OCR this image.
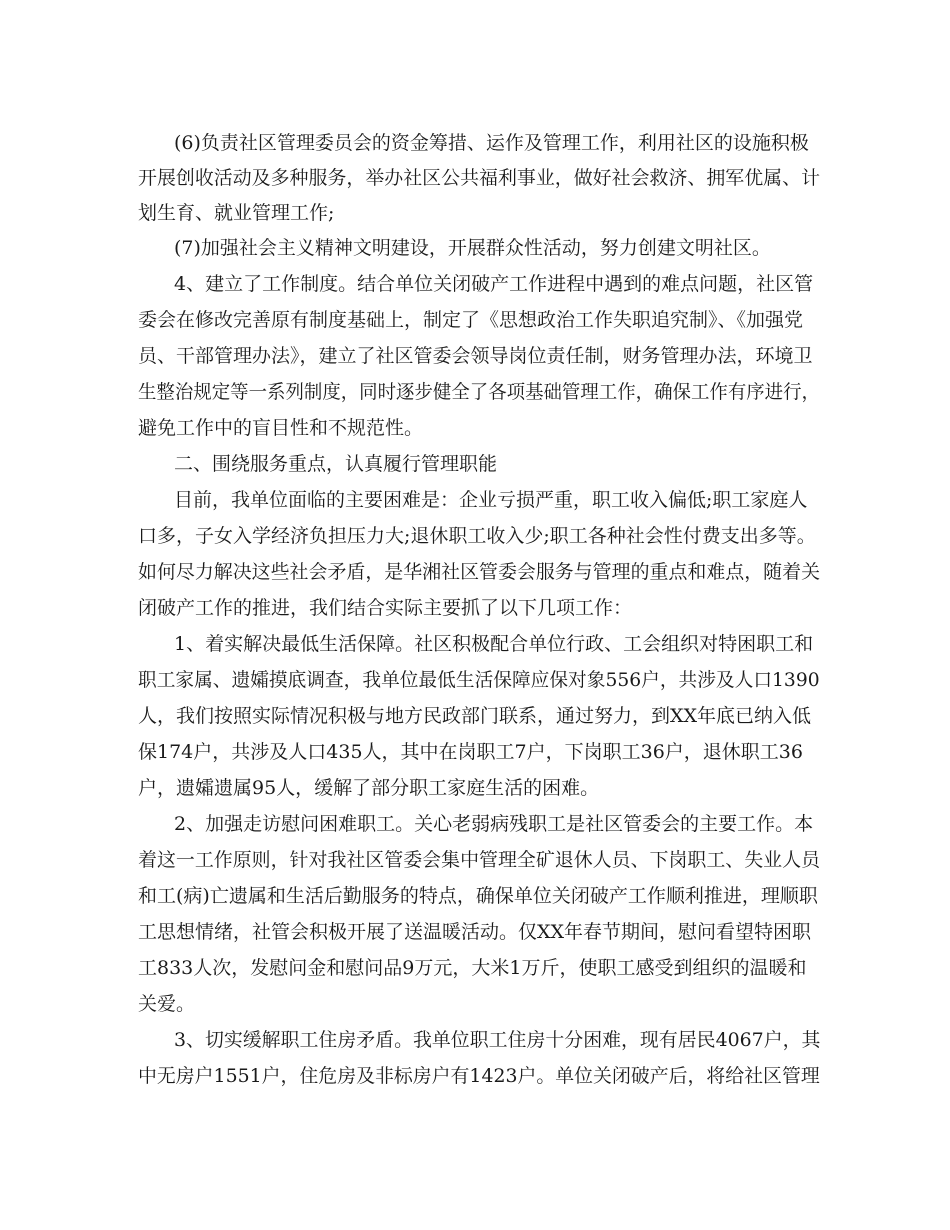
(6)负责社区管理委员会的资金筹措、运作及管理工作，利用社区的设施积极
开展创收活动及多种服务，举办社区公共福利事业，做好社会救济、拥军优属、计
划生育、就业管理工作;
(7)加强社会主义精神文明建设，开展群众性活动，努力创建文明社区。
4、建立了工作制度。结合单位关闭破产工作进程中遇到的难点问题，社区管
委会在修改完善原有制度基础上，制定了《思想政治工作失职追究制》、《加强党
员、干部管理办法》，建立了社区管委会领导岗位责任制，财务管理办法，环境卫
生整治规定等一系列制度，同时逐步健全了各项基础管理工作，确保工作有序进行，
避免工作中的盲目性和不规范性。
二、围绕服务重点，认真履行管理职能
目前，我单位面临的主要困难是：企业亏损严重，职工收入偏低;职工家庭人
口多，子女入学经济负担压力大;退休职工收入少;职工各种社会性付费支出多等。
如何尽力解决这些社会矛盾，是华湘社区管委会服务与管理的重点和难点，随着关
闭破产工作的推进，我们结合实际主要抓了以下几项工作：
1、着实解决最低生活保障。社区积极配合单位行政、工会组织对特困职工和
职工家属、遗孀摸底调查，我单位最低生活保障应保对象556户，共涉及人口1390
人，我们按照实际情况积极与地方民政部门联系，通过努力，到XX年底已纳入低
保174户，共涉及人口435人，其中在岗职工7户，下岗职工36户，退休职工36
户，遗孀遗属95人，缓解了部分职工家庭生活的困难。
2、加强走访慰问困难职工。关心老弱病残职工是社区管委会的主要工作。本
着这一工作原则，针对我社区管委会集中管理全矿退休人员、下岗职工、失业人员
和工(病)亡遗属和生活后勤服务的特点，确保单位关闭破产工作顺利推进，理顺职
工思想情绪，社管会积极开展了送温暖活动。仅XX年春节期间，慰问看望特困职
工833人次，发慰问金和慰问品9万元，大米1万斤，使职工感受到组织的温暖和
关爱。
3、切实缓解职工住房矛盾。我单位职工住房十分困难，现有居民4067户，其
中无房户1551户，住危房及非标房户有1423户。单位关闭破产后，将给社区管理
